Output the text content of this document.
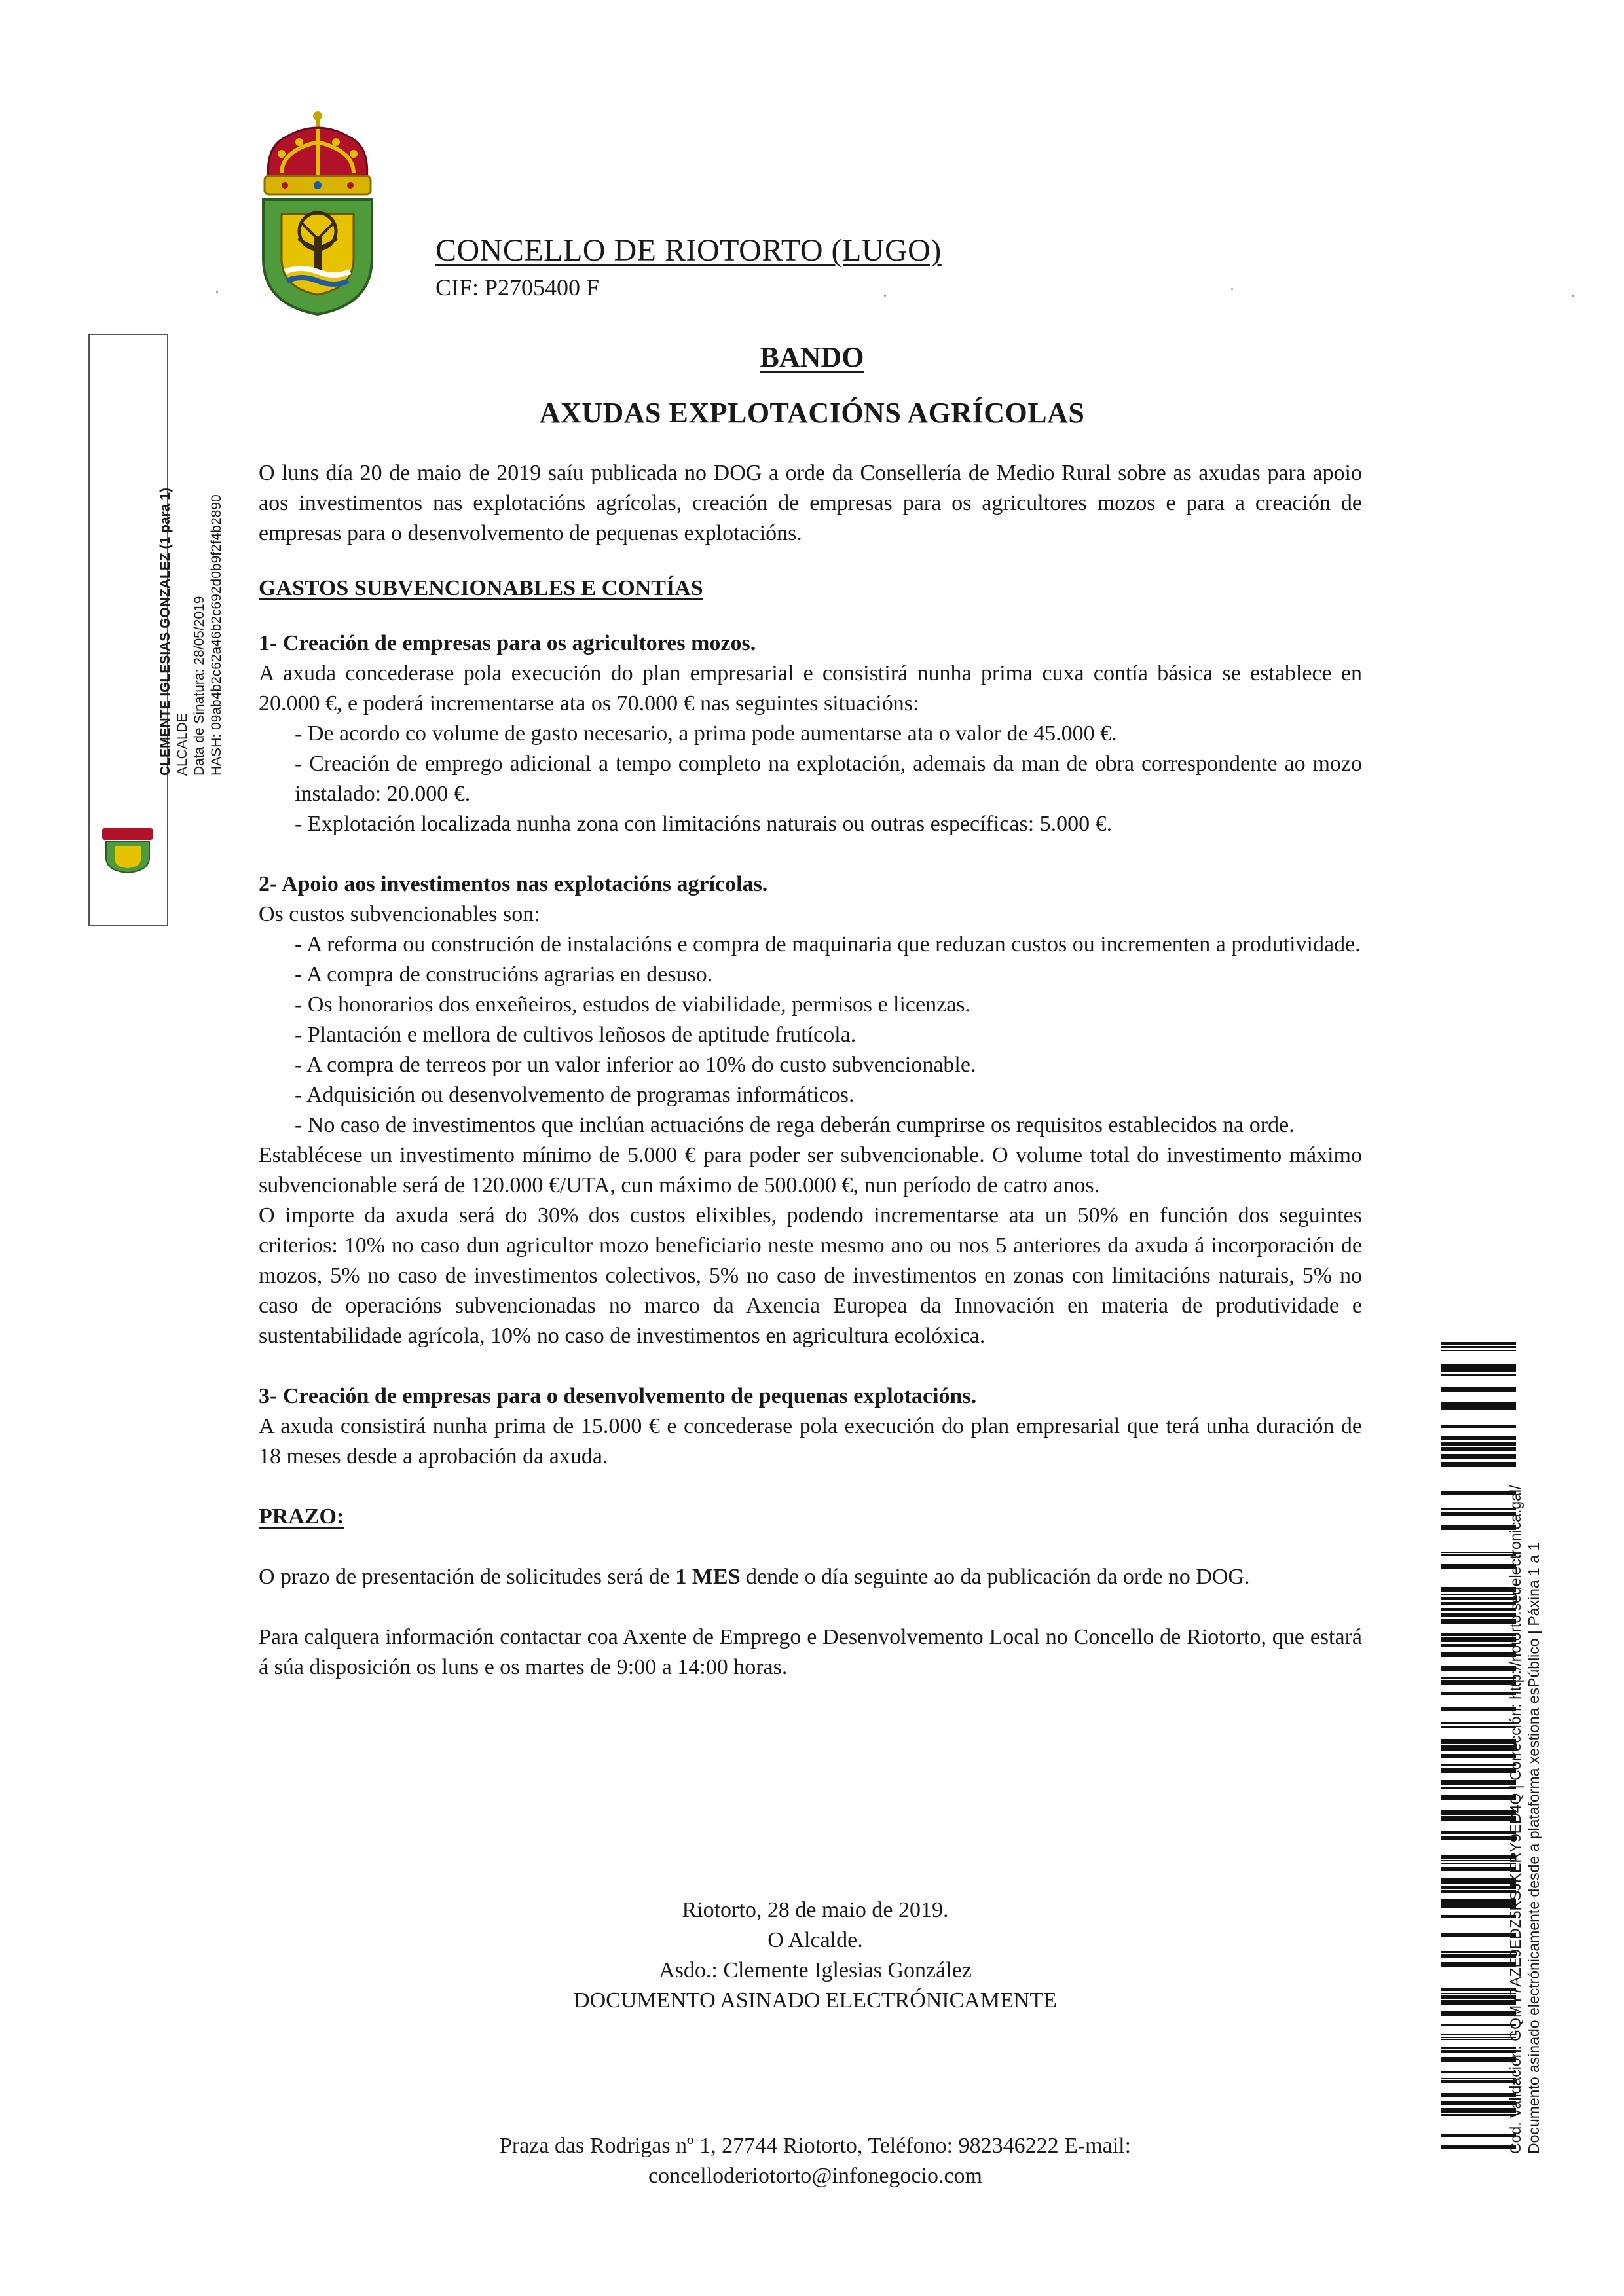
CONCELLO DE RIOTORTO (LUGO)
CIF: P2705400 F
CLEMENTE IGLESIAS GONZALEZ (1 para 1) ALCALDE Data de Sinatura: 28/05/2019 HASH: 09ab4b2c62a46b2c692d0b9f2f4b2890
Cod. Validación: GQMY7AZE9EDZ5KSJKERY9ED4Q | Corrección: http://riotorto.sedelectronica.gal/ Documento asinado electrónicamente desde a plataforma xestiona esPúblico | Páxina 1 a 1
BANDO
AXUDAS EXPLOTACIÓNS AGRÍCOLAS

O luns día 20 de maio de 2019 saíu publicada no DOG a orde da Consellería de Medio Rural sobre as axudas para apoio aos investimentos nas explotacións agrícolas, creación de empresas para os agricultores mozos e para a creación de empresas para o desenvolvemento de pequenas explotacións.

GASTOS SUBVENCIONABLES E CONTÍAS

1- Creación de empresas para os agricultores mozos.

A axuda concederase pola execución do plan empresarial e consistirá nunha prima cuxa contía básica se establece en 20.000 €, e poderá incrementarse ata os 70.000 € nas seguintes situacións:

- De acordo co volume de gasto necesario, a prima pode aumentarse ata o valor de 45.000 €.

- Creación de emprego adicional a tempo completo na explotación, ademais da man de obra correspondente ao mozo instalado: 20.000 €.

- Explotación localizada nunha zona con limitacións naturais ou outras específicas: 5.000 €.

2- Apoio aos investimentos nas explotacións agrícolas.

Os custos subvencionables son:

- A reforma ou construción de instalacións e compra de maquinaria que reduzan custos ou incrementen a produtividade.

- A compra de construcións agrarias en desuso.

- Os honorarios dos enxeñeiros, estudos de viabilidade, permisos e licenzas.

- Plantación e mellora de cultivos leñosos de aptitude frutícola.

- A compra de terreos por un valor inferior ao 10% do custo subvencionable.

- Adquisición ou desenvolvemento de programas informáticos.

- No caso de investimentos que inclúan actuacións de rega deberán cumprirse os requisitos establecidos na orde.

Establécese un investimento mínimo de 5.000 € para poder ser subvencionable. O volume total do investimento máximo subvencionable será de 120.000 €/UTA, cun máximo de 500.000 €, nun período de catro anos.

O importe da axuda será do 30% dos custos elixibles, podendo incrementarse ata un 50% en función dos seguintes criterios: 10% no caso dun agricultor mozo beneficiario neste mesmo ano ou nos 5 anteriores da axuda á incorporación de mozos, 5% no caso de investimentos colectivos, 5% no caso de investimentos en zonas con limitacións naturais, 5% no caso de operacións subvencionadas no marco da Axencia Europea da Innovación en materia de produtividade e sustentabilidade agrícola, 10% no caso de investimentos en agricultura ecolóxica.

3- Creación de empresas para o desenvolvemento de pequenas explotacións.

A axuda consistirá nunha prima de 15.000 € e concederase pola execución do plan empresarial que terá unha duración de 18 meses desde a aprobación da axuda.

PRAZO:

O prazo de presentación de solicitudes será de 1 MES dende o día seguinte ao da publicación da orde no DOG.

Para calquera información contactar coa Axente de Emprego e Desenvolvemento Local no Concello de Riotorto, que estará á súa disposición os luns e os martes de 9:00 a 14:00 horas.

Riotorto, 28 de maio de 2019.
O Alcalde.
Asdo.: Clemente Iglesias González
DOCUMENTO ASINADO ELECTRÓNICAMENTE
Praza das Rodrigas nº 1, 27744 Riotorto, Teléfono: 982346222 E-mail:
concelloderiotorto@infonegocio.com
